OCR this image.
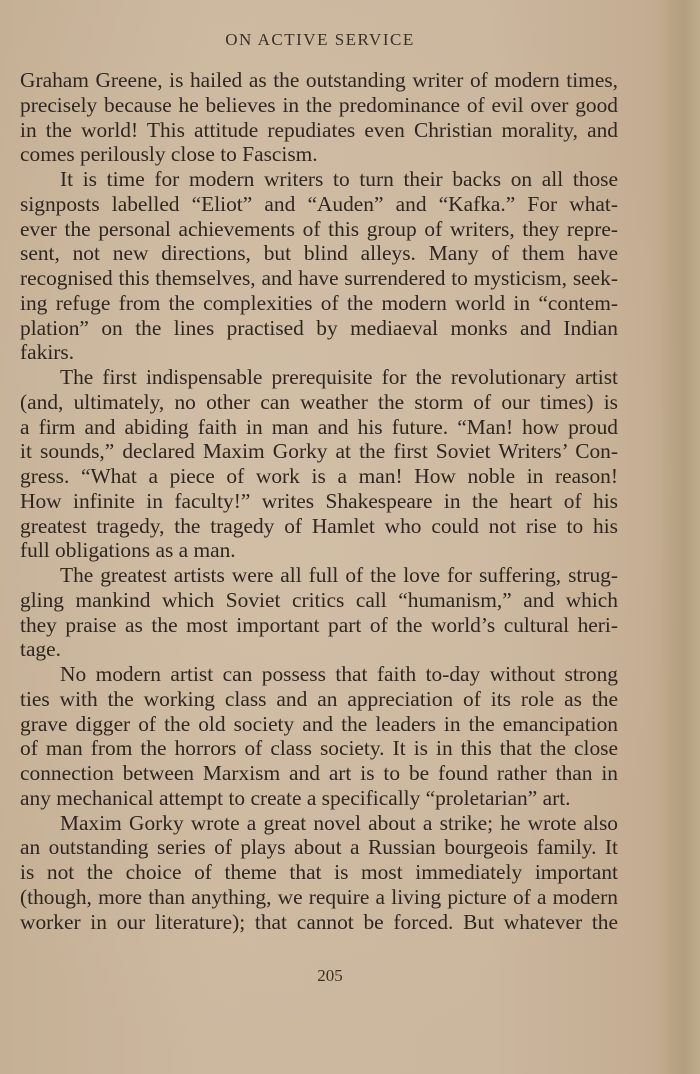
ON ACTIVE SERVICE
Graham Greene, is hailed as the outstanding writer of modern times,
precisely because he believes in the predominance of evil over good
in the world! This attitude repudiates even Christian morality, and
comes perilously close to Fascism.
It is time for modern writers to turn their backs on all those
signposts labelled “Eliot” and “Auden” and “Kafka.” For what-
ever the personal achievements of this group of writers, they repre-
sent, not new directions, but blind alleys. Many of them have
recognised this themselves, and have surrendered to mysticism, seek-
ing refuge from the complexities of the modern world in “contem-
plation” on the lines practised by mediaeval monks and Indian
fakirs.
The first indispensable prerequisite for the revolutionary artist
(and, ultimately, no other can weather the storm of our times) is
a firm and abiding faith in man and his future. “Man! how proud
it sounds,” declared Maxim Gorky at the first Soviet Writers’ Con-
gress. “What a piece of work is a man! How noble in reason!
How infinite in faculty!” writes Shakespeare in the heart of his
greatest tragedy, the tragedy of Hamlet who could not rise to his
full obligations as a man.
The greatest artists were all full of the love for suffering, strug-
gling mankind which Soviet critics call “humanism,” and which
they praise as the most important part of the world’s cultural heri-
tage.
No modern artist can possess that faith to-day without strong
ties with the working class and an appreciation of its role as the
grave digger of the old society and the leaders in the emancipation
of man from the horrors of class society. It is in this that the close
connection between Marxism and art is to be found rather than in
any mechanical attempt to create a specifically “proletarian” art.
Maxim Gorky wrote a great novel about a strike; he wrote also
an outstanding series of plays about a Russian bourgeois family. It
is not the choice of theme that is most immediately important
(though, more than anything, we require a living picture of a modern
worker in our literature); that cannot be forced. But whatever the
205
